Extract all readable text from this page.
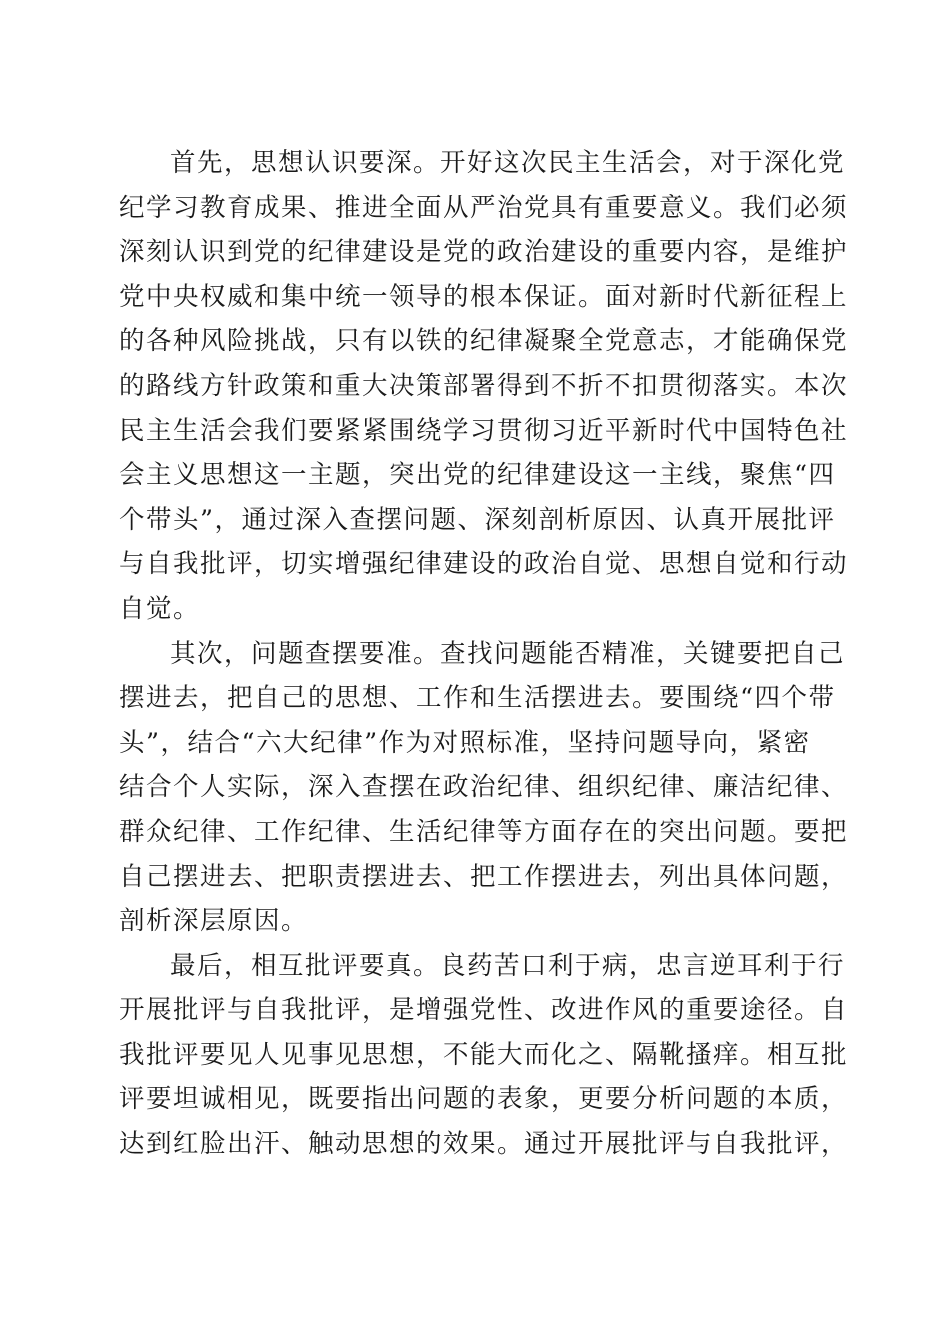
首先，思想认识要深。开好这次民主生活会，对于深化党
纪学习教育成果、推进全面从严治党具有重要意义。我们必须
深刻认识到党的纪律建设是党的政治建设的重要内容，是维护
党中央权威和集中统一领导的根本保证。面对新时代新征程上
的各种风险挑战，只有以铁的纪律凝聚全党意志，才能确保党
的路线方针政策和重大决策部署得到不折不扣贯彻落实。本次
民主生活会我们要紧紧围绕学习贯彻习近平新时代中国特色社
会主义思想这一主题，突出党的纪律建设这一主线，聚焦“四
个带头”，通过深入查摆问题、深刻剖析原因、认真开展批评
与自我批评，切实增强纪律建设的政治自觉、思想自觉和行动
自觉。
其次，问题查摆要准。查找问题能否精准，关键要把自己
摆进去，把自己的思想、工作和生活摆进去。要围绕“四个带
头”，结合“六大纪律”作为对照标准，坚持问题导向，紧密
结合个人实际，深入查摆在政治纪律、组织纪律、廉洁纪律、
群众纪律、工作纪律、生活纪律等方面存在的突出问题。要把
自己摆进去、把职责摆进去、把工作摆进去，列出具体问题，
剖析深层原因。
最后，相互批评要真。良药苦口利于病，忠言逆耳利于行
开展批评与自我批评，是增强党性、改进作风的重要途径。自
我批评要见人见事见思想，不能大而化之、隔靴搔痒。相互批
评要坦诚相见，既要指出问题的表象，更要分析问题的本质，
达到红脸出汗、触动思想的效果。通过开展批评与自我批评，
